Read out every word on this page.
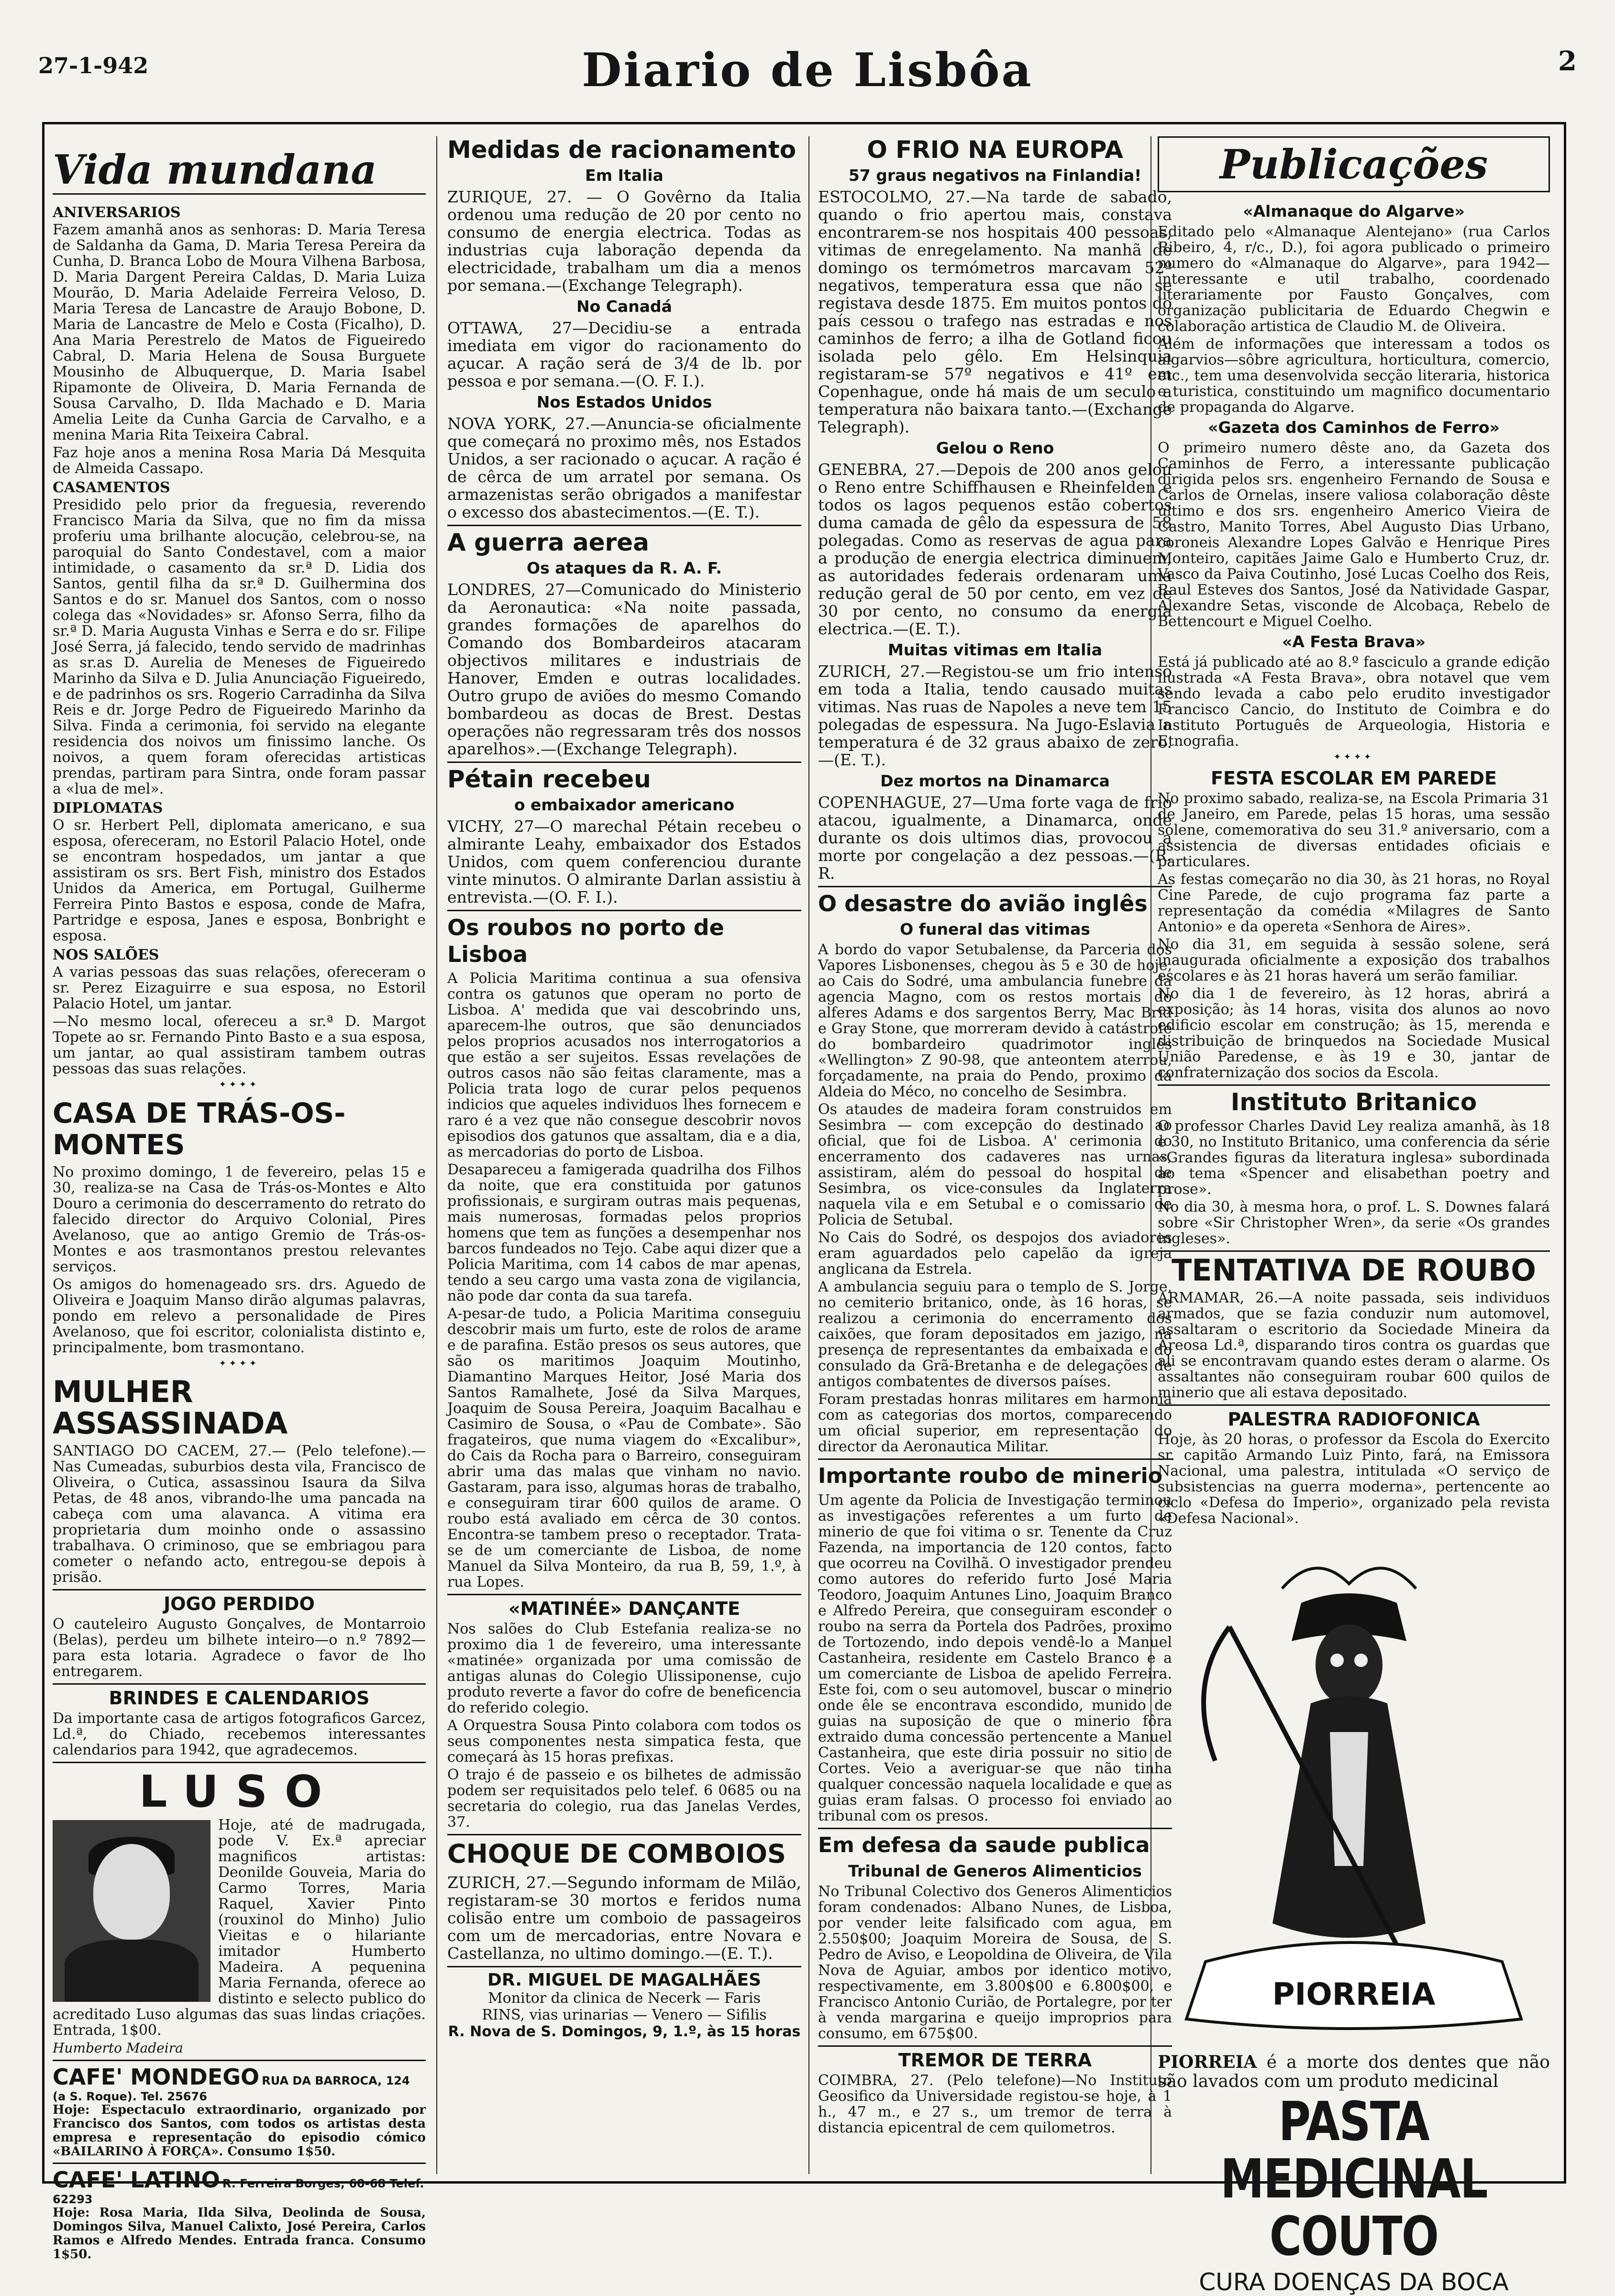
27-1-942	Diario de Lisbôa	2
Vida mundana
ANIVERSARIOS

Fazem amanhã anos as senhoras: D. Maria Teresa de Saldanha da Gama, D. Maria Teresa Pereira da Cunha, D. Branca Lobo de Moura Vilhena Barbosa, D. Maria Dargent Pereira Caldas, D. Maria Luiza Mourão, D. Maria Adelaide Ferreira Veloso, D. Maria Teresa de Lancastre de Araujo Bobone, D. Maria de Lancastre de Melo e Costa (Ficalho), D. Ana Maria Perestrelo de Matos de Figueiredo Cabral, D. Maria Helena de Sousa Burguete Mousinho de Albuquerque, D. Maria Isabel Ripamonte de Oliveira, D. Maria Fernanda de Sousa Carvalho, D. Ilda Machado e D. Maria Amelia Leite da Cunha Garcia de Carvalho, e a menina Maria Rita Teixeira Cabral.

Faz hoje anos a menina Rosa Maria Dá Mesquita de Almeida Cassapo.

CASAMENTOS

Presidido pelo prior da freguesia, reverendo Francisco Maria da Silva, que no fim da missa proferiu uma brilhante alocução, celebrou-se, na paroquial do Santo Condestavel, com a maior intimidade, o casamento da sr.ª D. Lidia dos Santos, gentil filha da sr.ª D. Guilhermina dos Santos e do sr. Manuel dos Santos, com o nosso colega das «Novidades» sr. Afonso Serra, filho da sr.ª D. Maria Augusta Vinhas e Serra e do sr. Filipe José Serra, já falecido, tendo servido de madrinhas as sr.as D. Aurelia de Meneses de Figueiredo Marinho da Silva e D. Julia Anunciação Figueiredo, e de padrinhos os srs. Rogerio Carradinha da Silva Reis e dr. Jorge Pedro de Figueiredo Marinho da Silva. Finda a cerimonia, foi servido na elegante residencia dos noivos um finissimo lanche. Os noivos, a quem foram oferecidas artisticas prendas, partiram para Sintra, onde foram passar a «lua de mel».

DIPLOMATAS

O sr. Herbert Pell, diplomata americano, e sua esposa, ofereceram, no Estoril Palacio Hotel, onde se encontram hospedados, um jantar a que assistiram os srs. Bert Fish, ministro dos Estados Unidos da America, em Portugal, Guilherme Ferreira Pinto Bastos e esposa, conde de Mafra, Partridge e esposa, Janes e esposa, Bonbright e esposa.

NOS SALÕES

A varias pessoas das suas relações, ofereceram o sr. Perez Eizaguirre e sua esposa, no Estoril Palacio Hotel, um jantar.

—No mesmo local, ofereceu a sr.ª D. Margot Topete ao sr. Fernando Pinto Basto e a sua esposa, um jantar, ao qual assistiram tambem outras pessoas das suas relações.

✦✦✦✦
CASA DE TRÁS-OS-MONTES

No proximo domingo, 1 de fevereiro, pelas 15 e 30, realiza-se na Casa de Trás-os-Montes e Alto Douro a cerimonia do descerramento do retrato do falecido director do Arquivo Colonial, Pires Avelanoso, que ao antigo Gremio de Trás-os-Montes e aos trasmontanos prestou relevantes serviços.

Os amigos do homenageado srs. drs. Aguedo de Oliveira e Joaquim Manso dirão algumas palavras, pondo em relevo a personalidade de Pires Avelanoso, que foi escritor, colonialista distinto e, principalmente, bom trasmontano.

✦✦✦✦
MULHER ASSASSINADA

SANTIAGO DO CACEM, 27.— (Pelo telefone).— Nas Cumeadas, suburbios desta vila, Francisco de Oliveira, o Cutica, assassinou Isaura da Silva Petas, de 48 anos, vibrando-lhe uma pancada na cabeça com uma alavanca. A vitima era proprietaria dum moinho onde o assassino trabalhava. O criminoso, que se embriagou para cometer o nefando acto, entregou-se depois à prisão.

JOGO PERDIDO

O cauteleiro Augusto Gonçalves, de Montarroio (Belas), perdeu um bilhete inteiro—o n.º 7892—para esta lotaria. Agradece o favor de lho entregarem.

BRINDES E CALENDARIOS

Da importante casa de artigos fotograficos Garcez, Ld.ª, do Chiado, recebemos interessantes calendarios para 1942, que agradecemos.

LUSO

Hoje, até de madrugada, pode V. Ex.ª apreciar magnificos artistas: Deonilde Gouveia, Maria do Carmo Torres, Maria Raquel, Xavier Pinto (rouxinol do Minho) Julio Vieitas e o hilariante imitador Humberto Madeira. A pequenina Maria Fernanda, oferece ao distinto e selecto publico do acreditado Luso algumas das suas lindas criações. Entrada, 1$00.

Humberto Madeira
CAFE' MONDEGO RUA DA BARROCA, 124 (a S. Roque). Tel. 25676

Hoje: Espectaculo extraordinario, organizado por Francisco dos Santos, com todos os artistas desta empresa e representação do episodio cómico «BAILARINO À FORÇA». Consumo 1$50.

CAFE' LATINO R. Ferreira Borges, 60-68 Telef. 62293

Hoje: Rosa Maria, Ilda Silva, Deolinda de Sousa, Domingos Silva, Manuel Calixto, José Pereira, Carlos Ramos e Alfredo Mendes. Entrada franca. Consumo 1$50.

Medidas de racionamento
Em Italia

ZURIQUE, 27. — O Govêrno da Italia ordenou uma redução de 20 por cento no consumo de energia electrica. Todas as industrias cuja laboração dependa da electricidade, trabalham um dia a menos por semana.—(Exchange Telegraph).

No Canadá

OTTAWA, 27—Decidiu-se a entrada imediata em vigor do racionamento do açucar. A ração será de 3/4 de lb. por pessoa e por semana.—(O. F. I.).

Nos Estados Unidos

NOVA YORK, 27.—Anuncia-se oficialmente que começará no proximo mês, nos Estados Unidos, a ser racionado o açucar. A ração é de cêrca de um arratel por semana. Os armazenistas serão obrigados a manifestar o excesso dos abastecimentos.—(E. T.).

A guerra aerea
Os ataques da R. A. F.

LONDRES, 27—Comunicado do Ministerio da Aeronautica: «Na noite passada, grandes formações de aparelhos do Comando dos Bombardeiros atacaram objectivos militares e industriais de Hanover, Emden e outras localidades. Outro grupo de aviões do mesmo Comando bombardeou as docas de Brest. Destas operações não regressaram três dos nossos aparelhos».—(Exchange Telegraph).

Pétain recebeu
o embaixador americano

VICHY, 27—O marechal Pétain recebeu o almirante Leahy, embaixador dos Estados Unidos, com quem conferenciou durante vinte minutos. O almirante Darlan assistiu à entrevista.—(O. F. I.).

Os roubos no porto de Lisboa

A Policia Maritima continua a sua ofensiva contra os gatunos que operam no porto de Lisboa. A' medida que vai descobrindo uns, aparecem-lhe outros, que são denunciados pelos proprios acusados nos interrogatorios a que estão a ser sujeitos. Essas revelações de outros casos não são feitas claramente, mas a Policia trata logo de curar pelos pequenos indicios que aqueles individuos lhes fornecem e raro é a vez que não consegue descobrir novos episodios dos gatunos que assaltam, dia e a dia, as mercadorias do porto de Lisboa.

Desapareceu a famigerada quadrilha dos Filhos da noite, que era constituida por gatunos profissionais, e surgiram outras mais pequenas, mais numerosas, formadas pelos proprios homens que tem as funções a desempenhar nos barcos fundeados no Tejo. Cabe aqui dizer que a Policia Maritima, com 14 cabos de mar apenas, tendo a seu cargo uma vasta zona de vigilancia, não pode dar conta da sua tarefa.

A-pesar-de tudo, a Policia Maritima conseguiu descobrir mais um furto, este de rolos de arame e de parafina. Estão presos os seus autores, que são os maritimos Joaquim Moutinho, Diamantino Marques Heitor, José Maria dos Santos Ramalhete, José da Silva Marques, Joaquim de Sousa Pereira, Joaquim Bacalhau e Casimiro de Sousa, o «Pau de Combate». São fragateiros, que numa viagem do «Excalibur», do Cais da Rocha para o Barreiro, conseguiram abrir uma das malas que vinham no navio. Gastaram, para isso, algumas horas de trabalho, e conseguiram tirar 600 quilos de arame. O roubo está avaliado em cêrca de 30 contos. Encontra-se tambem preso o receptador. Trata-se de um comerciante de Lisboa, de nome Manuel da Silva Monteiro, da rua B, 59, 1.º, à rua Lopes.

«MATINÉE» DANÇANTE

Nos salões do Club Estefania realiza-se no proximo dia 1 de fevereiro, uma interessante «matinée» organizada por uma comissão de antigas alunas do Colegio Ulissiponense, cujo produto reverte a favor do cofre de beneficencia do referido colegio.

A Orquestra Sousa Pinto colabora com todos os seus componentes nesta simpatica festa, que começará às 15 horas prefixas.

O trajo é de passeio e os bilhetes de admissão podem ser requisitados pelo telef. 6 0685 ou na secretaria do colegio, rua das Janelas Verdes, 37.

CHOQUE DE COMBOIOS

ZURICH, 27.—Segundo informam de Milão, registaram-se 30 mortos e feridos numa colisão entre um comboio de passageiros com um de mercadorias, entre Novara e Castellanza, no ultimo domingo.—(E. T.).

DR. MIGUEL DE MAGALHÃES
Monitor da clinica de Necerk — Faris
RINS, vias urinarias — Venero — Sifilis
R. Nova de S. Domingos, 9, 1.º, às 15 horas
O FRIO NA EUROPA
57 graus negativos na Finlandia!

ESTOCOLMO, 27.—Na tarde de sabado, quando o frio apertou mais, constava encontrarem-se nos hospitais 400 pessoas, vitimas de enregelamento. Na manhã de domingo os termómetros marcavam 52º negativos, temperatura essa que não se registava desde 1875. Em muitos pontos do país cessou o trafego nas estradas e nos caminhos de ferro; a ilha de Gotland ficou isolada pelo gêlo. Em Helsinquia registaram-se 57º negativos e 41º em Copenhague, onde há mais de um seculo a temperatura não baixara tanto.—(Exchange Telegraph).

Gelou o Reno

GENEBRA, 27.—Depois de 200 anos gelou o Reno entre Schiffhausen e Rheinfelden e todos os lagos pequenos estão cobertos duma camada de gêlo da espessura de 58 polegadas. Como as reservas de agua para a produção de energia electrica diminuem, as autoridades federais ordenaram uma redução geral de 50 por cento, em vez de 30 por cento, no consumo da energia electrica.—(E. T.).

Muitas vitimas em Italia

ZURICH, 27.—Registou-se um frio intenso em toda a Italia, tendo causado muitas vitimas. Nas ruas de Napoles a neve tem 15 polegadas de espessura. Na Jugo-Eslavia a temperatura é de 32 graus abaixo de zero.—(E. T.).

Dez mortos na Dinamarca

COPENHAGUE, 27—Uma forte vaga de frio atacou, igualmente, a Dinamarca, onde durante os dois ultimos dias, provocou a morte por congelação a dez pessoas.—(R. R.

O desastre do avião inglês
O funeral das vitimas

A bordo do vapor Setubalense, da Parceria dos Vapores Lisbonenses, chegou às 5 e 30 de hoje, ao Cais do Sodré, uma ambulancia funebre da agencia Magno, com os restos mortais do alferes Adams e dos sargentos Berry, Mac Brid e Gray Stone, que morreram devido à catástrofe do bombardeiro quadrimotor inglês «Wellington» Z 90-98, que anteontem aterrou, forçadamente, na praia do Pendo, proximo da Aldeia do Méco, no concelho de Sesimbra.

Os ataudes de madeira foram construidos em Sesimbra — com excepção do destinado ao oficial, que foi de Lisboa. A' cerimonia do encerramento dos cadaveres nas urnas, assistiram, além do pessoal do hospital de Sesimbra, os vice-consules da Inglaterra naquela vila e em Setubal e o comissario de Policia de Setubal.

No Cais do Sodré, os despojos dos aviadores eram aguardados pelo capelão da igreja anglicana da Estrela.

A ambulancia seguiu para o templo de S. Jorge, no cemiterio britanico, onde, às 16 horas, se realizou a cerimonia do encerramento dos caixões, que foram depositados em jazigo, na presença de representantes da embaixada e do consulado da Grã-Bretanha e de delegações de antigos combatentes de diversos países.

Foram prestadas honras militares em harmonia com as categorias dos mortos, comparecendo um oficial superior, em representação do director da Aeronautica Militar.

Importante roubo de minerio

Um agente da Policia de Investigação terminou as investigações referentes a um furto de minerio de que foi vitima o sr. Tenente da Cruz Fazenda, na importancia de 120 contos, facto que ocorreu na Covilhã. O investigador prendeu como autores do referido furto José Maria Teodoro, Joaquim Antunes Lino, Joaquim Branco e Alfredo Pereira, que conseguiram esconder o roubo na serra da Portela dos Padrões, proximo de Tortozendo, indo depois vendê-lo a Manuel Castanheira, residente em Castelo Branco e a um comerciante de Lisboa de apelido Ferreira. Este foi, com o seu automovel, buscar o minerio onde êle se encontrava escondido, munido de guias na suposição de que o minerio fôra extraido duma concessão pertencente a Manuel Castanheira, que este diria possuir no sitio de Cortes. Veio a averiguar-se que não tinha qualquer concessão naquela localidade e que as guias eram falsas. O processo foi enviado ao tribunal com os presos.

Em defesa da saude publica
Tribunal de Generos Alimenticios

No Tribunal Colectivo dos Generos Alimenticios foram condenados: Albano Nunes, de Lisboa, por vender leite falsificado com agua, em 2.550$00; Joaquim Moreira de Sousa, de S. Pedro de Aviso, e Leopoldina de Oliveira, de Vila Nova de Aguiar, ambos por identico motivo, respectivamente, em 3.800$00 e 6.800$00, e Francisco Antonio Curião, de Portalegre, por ter à venda margarina e queijo improprios para consumo, em 675$00.

TREMOR DE TERRA

COIMBRA, 27. (Pelo telefone)—No Instituto Geosifico da Universidade registou-se hoje, à 1 h., 47 m., e 27 s., um tremor de terra à distancia epicentral de cem quilometros.

Publicações
«Almanaque do Algarve»

Editado pelo «Almanaque Alentejano» (rua Carlos Ribeiro, 4, r/c., D.), foi agora publicado o primeiro numero do «Almanaque do Algarve», para 1942—interessante e util trabalho, coordenado literariamente por Fausto Gonçalves, com organização publicitaria de Eduardo Chegwin e colaboração artistica de Claudio M. de Oliveira.

Além de informações que interessam a todos os algarvios—sôbre agricultura, horticultura, comercio, etc., tem uma desenvolvida secção literaria, historica e turistica, constituindo um magnifico documentario de propaganda do Algarve.

«Gazeta dos Caminhos de Ferro»

O primeiro numero dêste ano, da Gazeta dos Caminhos de Ferro, a interessante publicação dirigida pelos srs. engenheiro Fernando de Sousa e Carlos de Ornelas, insere valiosa colaboração dêste ultimo e dos srs. engenheiro Americo Vieira de Castro, Manito Torres, Abel Augusto Dias Urbano, coroneis Alexandre Lopes Galvão e Henrique Pires Monteiro, capitães Jaime Galo e Humberto Cruz, dr. Vasco da Paiva Coutinho, José Lucas Coelho dos Reis, Raul Esteves dos Santos, José da Natividade Gaspar, Alexandre Setas, visconde de Alcobaça, Rebelo de Bettencourt e Miguel Coelho.

«A Festa Brava»

Está já publicado até ao 8.º fasciculo a grande edição ilustrada «A Festa Brava», obra notavel que vem sendo levada a cabo pelo erudito investigador Francisco Cancio, do Instituto de Coimbra e do Instituto Português de Arqueologia, Historia e Etnografia.

✦✦✦✦
FESTA ESCOLAR EM PAREDE

No proximo sabado, realiza-se, na Escola Primaria 31 de Janeiro, em Parede, pelas 15 horas, uma sessão solene, comemorativa do seu 31.º aniversario, com a assistencia de diversas entidades oficiais e particulares.

As festas começarão no dia 30, às 21 horas, no Royal Cine Parede, de cujo programa faz parte a representação da comédia «Milagres de Santo Antonio» e da opereta «Senhora de Aires».

No dia 31, em seguida à sessão solene, será inaugurada oficialmente a exposição dos trabalhos escolares e às 21 horas haverá um serão familiar.

No dia 1 de fevereiro, às 12 horas, abrirá a exposição; às 14 horas, visita dos alunos ao novo edificio escolar em construção; às 15, merenda e distribuição de brinquedos na Sociedade Musical União Paredense, e às 19 e 30, jantar de confraternização dos socios da Escola.

Instituto Britanico

O professor Charles David Ley realiza amanhã, às 18 e 30, no Instituto Britanico, uma conferencia da série «Grandes figuras da literatura inglesa» subordinada ao tema «Spencer and elisabethan poetry and prose».

No dia 30, à mesma hora, o prof. L. S. Downes falará sobre «Sir Christopher Wren», da serie «Os grandes ingleses».

TENTATIVA DE ROUBO

ARMAMAR, 26.—A noite passada, seis individuos armados, que se fazia conduzir num automovel, assaltaram o escritorio da Sociedade Mineira da Areosa Ld.ª, disparando tiros contra os guardas que ali se encontravam quando estes deram o alarme. Os assaltantes não conseguiram roubar 600 quilos de minerio que ali estava depositado.

PALESTRA RADIOFONICA

Hoje, às 20 horas, o professor da Escola do Exercito sr. capitão Armando Luiz Pinto, fará, na Emissora Nacional, uma palestra, intitulada «O serviço de subsistencias na guerra moderna», pertencente ao ciclo «Defesa do Imperio», organizado pela revista «Defesa Nacional».

PIORREIA

PIORREIA é a morte dos dentes que não são lavados com um produto medicinal

PASTA MEDICINAL COUTO
CURA DOENÇAS DA BOCA
